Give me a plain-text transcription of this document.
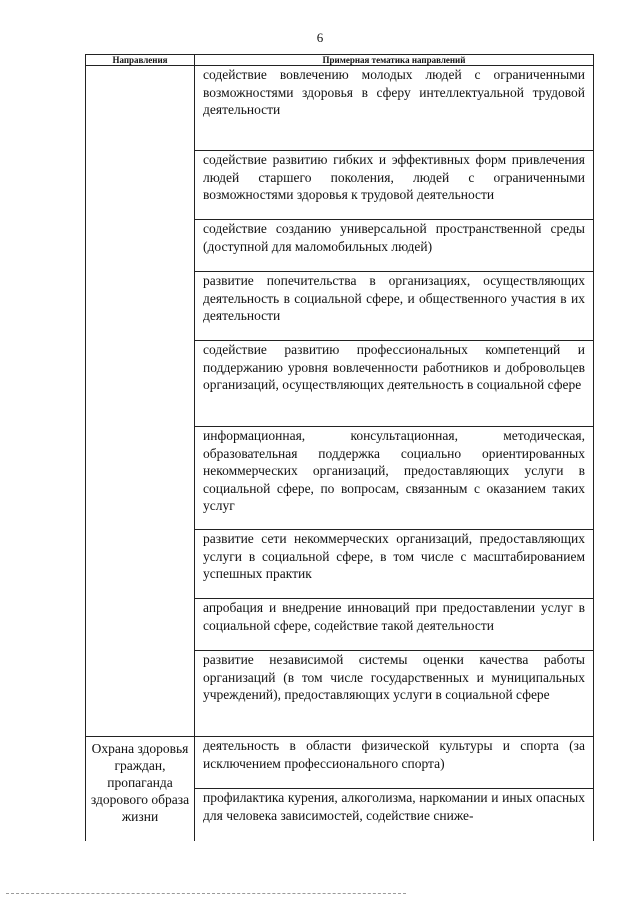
6
Направления	Примерная тематика направлений

	содействие вовлечению молодых людей с ограниченными возможностями здоровья в сферу интеллектуальной трудовой деятельности

	содействие развитию гибких и эффективных форм привлечения людей старшего поколения, людей с ограниченными возможностями здоровья к трудовой деятельности

	содействие созданию универсальной пространственной среды (доступной для маломобильных людей)

	развитие попечительства в организациях, осуществляющих деятельность в социальной сфере, и общественного участия в их деятельности

	содействие развитию профессиональных компетенций и поддержанию уровня вовлеченности работников и добровольцев организаций, осуществляющих деятельность в социальной сфере

	информационная, консультационная, методическая, образовательная поддержка социально ориентированных некоммерческих организаций, предоставляющих услуги в социальной сфере, по вопросам, связанным с оказанием таких услуг

	развитие сети некоммерческих организаций, предоставляющих услуги в социальной сфере, в том числе с масштабированием успешных практик

	апробация и внедрение инноваций при предоставлении услуг в социальной сфере, содействие такой деятельности

	развитие независимой системы оценки качества работы организаций (в том числе государственных и муниципальных учреждений), предоставляющих услуги в социальной сфере

Охрана здоровья граждан, пропаганда здорового образа жизни	деятельность в области физической культуры и спорта (за исключением профессионального спорта)

	профилактика курения, алкоголизма, наркомании и иных опасных для человека зависимостей, содействие сниже-
